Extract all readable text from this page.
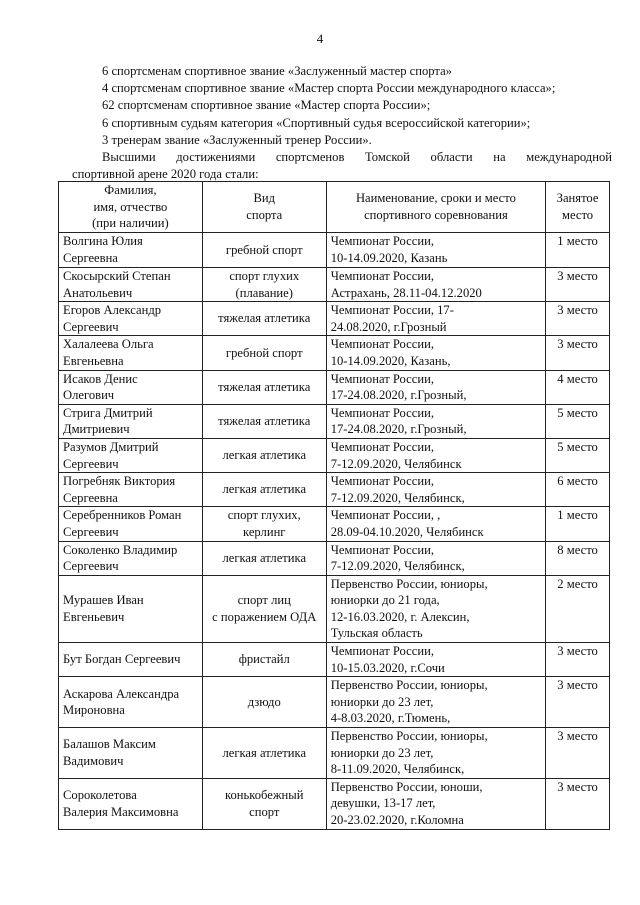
4

6 спортсменам спортивное звание «Заслуженный мастер спорта»

4 спортсменам спортивное звание «Мастер спорта России международного класса»;

62 спортсменам спортивное звание «Мастер спорта России»;

6 спортивным судьям категория «Спортивный судья всероссийской категории»;

3 тренерам звание «Заслуженный тренер России».

Высшими достижениями спортсменов Томской области на международной

спортивной арене 2020 года стали:

Фамилия,
имя, отчество
(при наличии)	Вид
спорта	Наименование, сроки и место
спортивного соревнования	Занятое
место

Волгина Юлия
Сергеевна	гребной спорт	Чемпионат России,
10-14.09.2020, Казань	1 место

Скосырский Степан
Анатольевич	спорт глухих
(плавание)	Чемпионат России,
Астрахань, 28.11-04.12.2020	3 место

Егоров Александр
Сергеевич	тяжелая атлетика	Чемпионат России, 17-
24.08.2020, г.Грозный	3 место

Халалеева Ольга
Евгеньевна	гребной спорт	Чемпионат России,
10-14.09.2020, Казань,	3 место

Исаков Денис
Олегович	тяжелая атлетика	Чемпионат России,
17-24.08.2020, г.Грозный,	4 место

Стрига Дмитрий
Дмитриевич	тяжелая атлетика	Чемпионат России,
17-24.08.2020, г.Грозный,	5 место

Разумов Дмитрий
Сергеевич	легкая атлетика	Чемпионат России,
7-12.09.2020, Челябинск	5 место

Погребняк Виктория
Сергеевна	легкая атлетика	Чемпионат России,
7-12.09.2020, Челябинск,	6 место

Серебренников Роман
Сергеевич	спорт глухих,
керлинг	Чемпионат России, ,
28.09-04.10.2020, Челябинск	1 место

Соколенко Владимир
Сергеевич	легкая атлетика	Чемпионат России,
7-12.09.2020, Челябинск,	8 место

Мурашев Иван
Евгеньевич	спорт лиц
с поражением ОДА	Первенство России, юниоры,
юниорки до 21 года,
12-16.03.2020, г. Алексин,
Тульская область	2 место

Бут Богдан Сергеевич	фристайл	Чемпионат России,
10-15.03.2020, г.Сочи	3 место

Аскарова Александра
Мироновна	дзюдо	Первенство России, юниоры,
юниорки до 23 лет,
4-8.03.2020, г.Тюмень,	3 место

Балашов Максим
Вадимович	легкая атлетика	Первенство России, юниоры,
юниорки до 23 лет,
8-11.09.2020, Челябинск,	3 место

Сороколетова
Валерия Максимовна	конькобежный
спорт	Первенство России, юноши,
девушки, 13-17 лет,
20-23.02.2020, г.Коломна	3 место
